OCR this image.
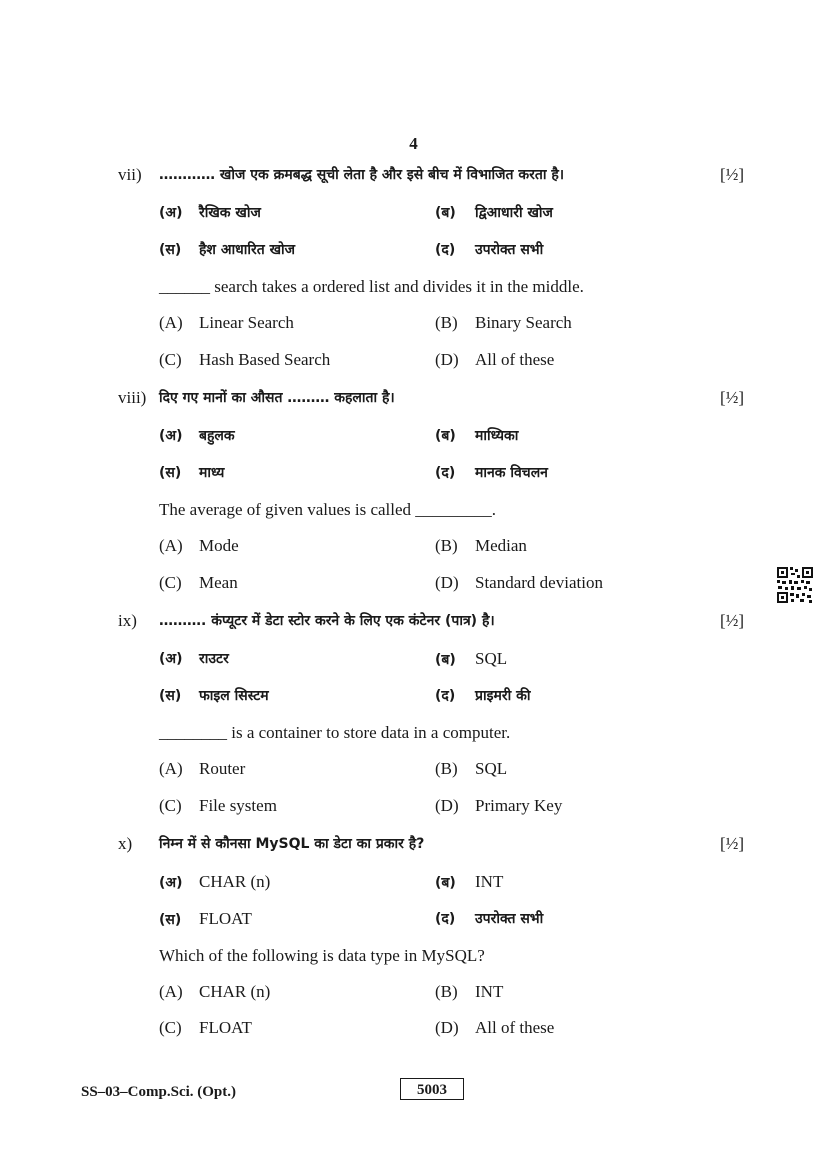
4
vii) ………… खोज एक क्रमबद्ध सूची लेता है और इसे बीच में विभाजित करता है।	[½]
(अ) रैखिक खोज	(ब) द्विआधारी खोज
(स) हैश आधारित खोज	(द) उपरोक्त सभी
______ search takes a ordered list and divides it in the middle.
(A) Linear Search	(B) Binary Search
(C) Hash Based Search	(D) All of these
viii) दिए गए मानों का औसत ……… कहलाता है।	[½]
(अ) बहुलक	(ब) माध्यिका
(स) माध्य	(द) मानक विचलन
The average of given values is called _________.
(A) Mode	(B) Median
(C) Mean	(D) Standard deviation
ix) ………. कंप्यूटर में डेटा स्टोर करने के लिए एक कंटेनर (पात्र) है।	[½]
(अ) राउटर	(ब) SQL
(स) फाइल सिस्टम	(द) प्राइमरी की
________ is a container to store data in a computer.
(A) Router	(B) SQL
(C) File system	(D) Primary Key
x) निम्न में से कौनसा MySQL का डेटा का प्रकार है?	[½]
(अ) CHAR (n)	(ब) INT
(स) FLOAT	(द) उपरोक्त सभी
Which of the following is data type in MySQL?
(A) CHAR (n)	(B) INT
(C) FLOAT	(D) All of these
SS–03–Comp.Sci. (Opt.)	5003
